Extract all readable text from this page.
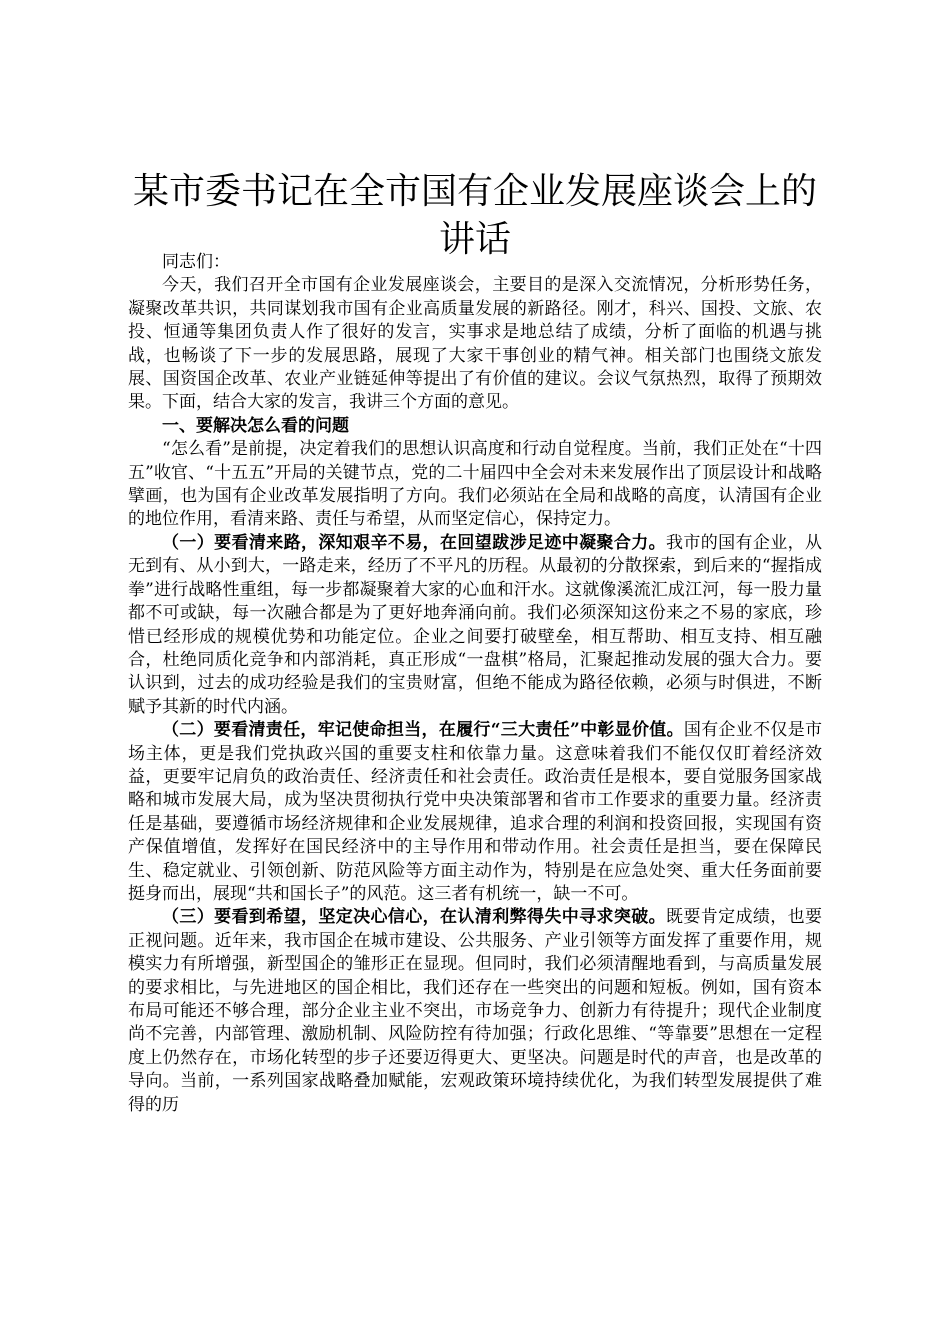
某市委书记在全市国有企业发展座谈会上的讲话

同志们：

今天，我们召开全市国有企业发展座谈会，主要目的是深入交流情况，分析形势任务，凝聚改革共识，共同谋划我市国有企业高质量发展的新路径。刚才，科兴、国投、文旅、农投、恒通等集团负责人作了很好的发言，实事求是地总结了成绩，分析了面临的机遇与挑战，也畅谈了下一步的发展思路，展现了大家干事创业的精气神。相关部门也围绕文旅发展、国资国企改革、农业产业链延伸等提出了有价值的建议。会议气氛热烈，取得了预期效果。下面，结合大家的发言，我讲三个方面的意见。

一、要解决怎么看的问题

“怎么看”是前提，决定着我们的思想认识高度和行动自觉程度。当前，我们正处在“十四五”收官、“十五五”开局的关键节点，党的二十届四中全会对未来发展作出了顶层设计和战略擘画，也为国有企业改革发展指明了方向。我们必须站在全局和战略的高度，认清国有企业的地位作用，看清来路、责任与希望，从而坚定信心，保持定力。

（一）要看清来路，深知艰辛不易，在回望跋涉足迹中凝聚合力。我市的国有企业，从无到有、从小到大，一路走来，经历了不平凡的历程。从最初的分散探索，到后来的“握指成拳”进行战略性重组，每一步都凝聚着大家的心血和汗水。这就像溪流汇成江河，每一股力量都不可或缺，每一次融合都是为了更好地奔涌向前。我们必须深知这份来之不易的家底，珍惜已经形成的规模优势和功能定位。企业之间要打破壁垒，相互帮助、相互支持、相互融合，杜绝同质化竞争和内部消耗，真正形成“一盘棋”格局，汇聚起推动发展的强大合力。要认识到，过去的成功经验是我们的宝贵财富，但绝不能成为路径依赖，必须与时俱进，不断赋予其新的时代内涵。

（二）要看清责任，牢记使命担当，在履行“三大责任”中彰显价值。国有企业不仅是市场主体，更是我们党执政兴国的重要支柱和依靠力量。这意味着我们不能仅仅盯着经济效益，更要牢记肩负的政治责任、经济责任和社会责任。政治责任是根本，要自觉服务国家战略和城市发展大局，成为坚决贯彻执行党中央决策部署和省市工作要求的重要力量。经济责任是基础，要遵循市场经济规律和企业发展规律，追求合理的利润和投资回报，实现国有资产保值增值，发挥好在国民经济中的主导作用和带动作用。社会责任是担当，要在保障民生、稳定就业、引领创新、防范风险等方面主动作为，特别是在应急处突、重大任务面前要挺身而出，展现“共和国长子”的风范。这三者有机统一，缺一不可。

（三）要看到希望，坚定决心信心，在认清利弊得失中寻求突破。既要肯定成绩，也要正视问题。近年来，我市国企在城市建设、公共服务、产业引领等方面发挥了重要作用，规模实力有所增强，新型国企的雏形正在显现。但同时，我们必须清醒地看到，与高质量发展的要求相比，与先进地区的国企相比，我们还存在一些突出的问题和短板。例如，国有资本布局可能还不够合理，部分企业主业不突出，市场竞争力、创新力有待提升；现代企业制度尚不完善，内部管理、激励机制、风险防控有待加强；行政化思维、“等靠要”思想在一定程度上仍然存在，市场化转型的步子还要迈得更大、更坚决。问题是时代的声音，也是改革的导向。当前，一系列国家战略叠加赋能，宏观政策环境持续优化，为我们转型发展提供了难得的历
